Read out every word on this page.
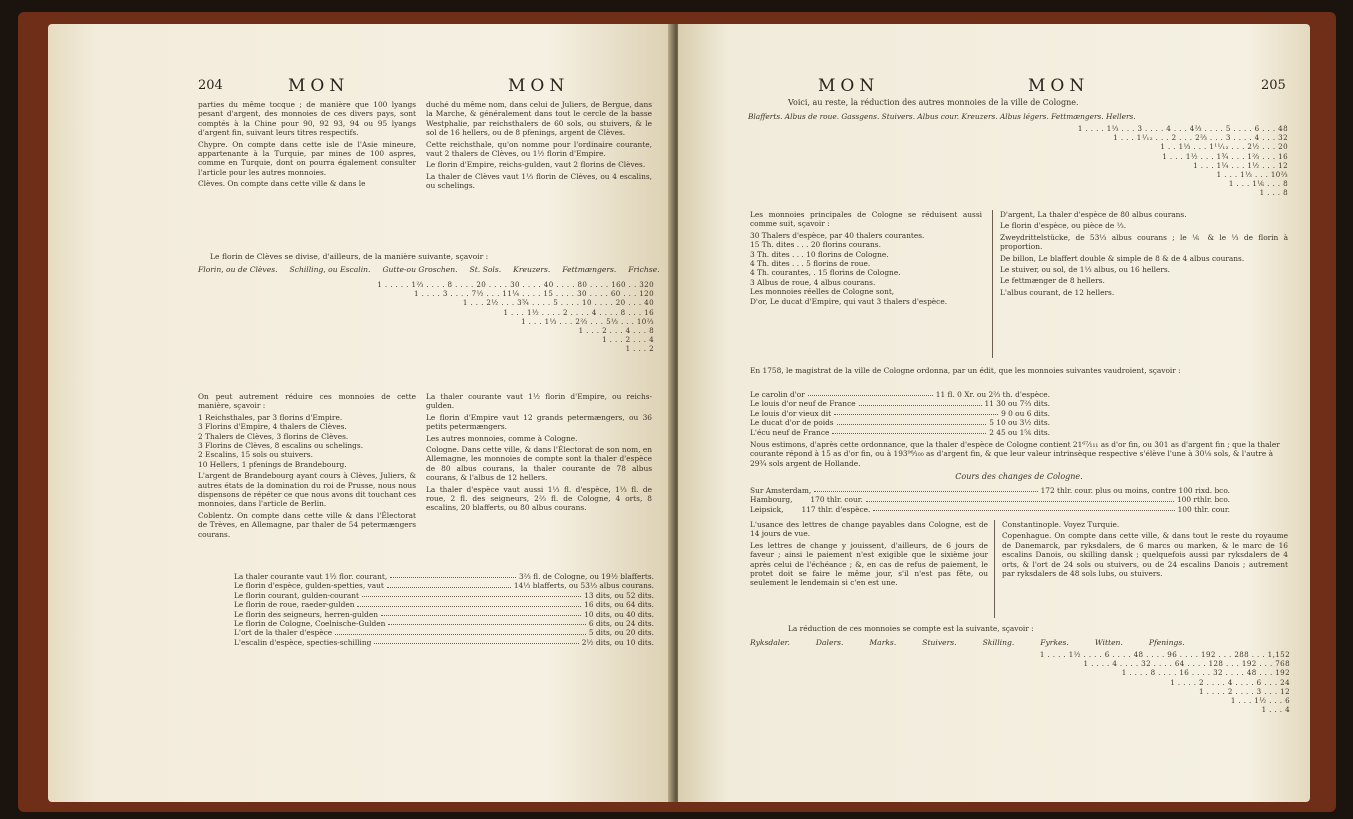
204	MON	MON

parties du même tocque ; de manière que 100 lyangs pesant d'argent, des monnoies de ces divers pays, sont comptés à la Chine pour 90, 92 93, 94 ou 95 lyangs d'argent fin, suivant leurs titres respectifs.

Chypre. On compte dans cette isle de l'Asie mineure, appartenante à la Turquie, par mines de 100 aspres, comme en Turquie, dont on pourra également consulter l'article pour les autres monnoies.

Clèves. On compte dans cette ville & dans le

duché du même nom, dans celui de Juliers, de Bergue, dans la Marche, & généralement dans tout le cercle de la basse Westphalie, par reichsthalers de 60 sols, ou stuivers, & le sol de 16 hellers, ou de 8 pfenings, argent de Clèves.

Cette reichsthale, qu'on nomme pour l'ordinaire courante, vaut 2 thalers de Clèves, ou 1½ florin d'Empire.

Le florin d'Empire, reichs-gulden, vaut 2 florins de Clèves.

La thaler de Clèves vaut 1⅓ florin de Clèves, ou 4 escalins, ou schelings.

Le florin de Clèves se divise, d'ailleurs, de la manière suivante, sçavoir :
Florin, ou de Clèves. Schilling, ou Escalin. Gutte-ou Groschen. St. Sols. Kreuzers. Fettmængers. Frichse.
1 . . . . . 1⅔ . . . . 8 . . . . 20 . . . . 30 . . . . 40 . . . . 80 . . . . 160 . . 320
1 . . . . 3 . . . . 7½ . . . 11¼ . . . . 15 . . . . 30 . . . . 60 . . . 120
1 . . . 2½ . . . 3¾ . . . . 5 . . . . 10 . . . . 20 . . . 40
1 . . . 1½ . . . . 2 . . . . 4 . . . . 8 . . . 16
1 . . . 1⅓ . . . 2⅔ . . . 5⅓ . . . 10⅔
1 . . . 2 . . . 4 . . . 8
1 . . . 2 . . . 4
1 . . . 2

On peut autrement réduire ces monnoies de cette manière, sçavoir :

1 Reichsthales, par 3 florins d'Empire.

3 Florins d'Empire, 4 thalers de Clèves.

2 Thalers de Clèves, 3 florins de Clèves.

3 Florins de Clèves, 8 escalins ou schelings.

2 Escalins, 15 sols ou stuivers.

10 Hellers, 1 pfenings de Brandebourg.

L'argent de Brandebourg ayant cours à Clèves, Juliers, & autres états de la domination du roi de Prusse, nous nous dispensons de répéter ce que nous avons dit touchant ces monnoies, dans l'article de Berlin.

Coblentz. On compte dans cette ville & dans l'Électorat de Trèves, en Allemagne, par thaler de 54 petermængers courans.

La thaler courante vaut 1½ florin d'Empire, ou reichs-gulden.

Le florin d'Empire vaut 12 grands petermængers, ou 36 petits petermængers.

Les autres monnoies, comme à Cologne.

Cologne. Dans cette ville, & dans l'Électorat de son nom, en Allemagne, les monnoies de compte sont la thaler d'espèce de 80 albus courans, la thaler courante de 78 albus courans, & l'albus de 12 hellers.

La thaler d'espèce vaut aussi 1⅓ fl. d'espèce, 1⅓ fl. de roue, 2 fl. des seigneurs, 2⅔ fl. de Cologne, 4 orts, 8 escalins, 20 blafferts, ou 80 albus courans.

La thaler courante vaut 1½ flor. courant,	3⅔ fl. de Cologne, ou 19½ blafferts.
Le florin d'espèce, gulden-spetties, vaut	14⅓ blafferts, ou 53⅓ albus courans.
Le florin courant, gulden-courant	13 dits, ou 52 dits.
Le florin de roue, raeder-gulden	16 dits, ou 64 dits.
Le florin des seigneurs, herren-gulden	10 dits, ou 40 dits.
Le florin de Cologne, Coelnische-Gulden	6 dits, ou 24 dits.
L'ort de la thaler d'espèce	5 dits, ou 20 dits.
L'escalin d'espèce, specties-schilling	2½ dits, ou 10 dits.
MON	MON	205
Voici, au reste, la réduction des autres monnoies de la ville de Cologne.
Blafferts. Albus de roue. Gassgens. Stuivers. Albus cour. Kreuzers. Albus légers. Fettmængers. Hellers.
1 . . . . 1⅓ . . . 3 . . . . 4 . . . 4⅔ . . . . 5 . . . . 6 . . . 48
1 . . . 1¹⁄₁₂ . . . 2 . . . 2⅔ . . . 3 . . . . 4 . . . 32
1 . . 1⅓ . . . 1¹¹⁄₁₂ . . . 2½ . . . 20
1 . . . 1½ . . . 1¾ . . . 1⅔ . . . 16
1 . . . 1¼ . . . 1½ . . . 12
1 . . . 1⅓ . . . 10⅔
1 . . . 1⅙ . . . 8
1 . . . 8

Les monnoies principales de Cologne se réduisent aussi comme suit, sçavoir :

30 Thalers d'espèce, par 40 thalers courantes.

15 Th. dites . . . 20 florins courans.

3 Th. dites . . . 10 florins de Cologne.

4 Th. dites . . . 5 florins de roue.

4 Th. courantes, . 15 florins de Cologne.

3 Albus de roue, 4 albus courans.

Les monnoies réelles de Cologne sont,

D'or, Le ducat d'Empire, qui vaut 3 thalers d'espèce.

D'argent, La thaler d'espèce de 80 albus courans.

Le florin d'espèce, ou pièce de ⅓.

Zweydrittelstücke, de 53⅓ albus courans ; le ⅙ & le ⅓ de florin à proportion.

De billon, Le blaffert double & simple de 8 & de 4 albus courans.

Le stuiver, ou sol, de 1⅓ albus, ou 16 hellers.

Le fettmænger de 8 hellers.

L'albus courant, de 12 hellers.

En 1758, le magistrat de la ville de Cologne ordonna, par un édit, que les monnoies suivantes vaudroient, sçavoir :
Le carolin d'or	11 fl. 0 Xr. ou 2⅔ th. d'espèce.
Le louis d'or neuf de France	11 30 ou 7⅔ dits.
Le louis d'or vieux dit	9 0 ou 6 dits.
Le ducat d'or de poids	5 10 ou 3½ dits.
L'écu neuf de France	2 45 ou 1⅚ dits.
Nous estimons, d'après cette ordonnance, que la thaler d'espèce de Cologne contient 21⁶⁷⁄₁₁₁ as d'or fin, ou 301 as d'argent fin ; que la thaler courante répond à 15 as d'or fin, ou à 193⁹⁶⁄₁₀₀ as d'argent fin, & que leur valeur intrinsèque respective s'élève l'une à 30⅛ sols, & l'autre à 29¾ sols argent de Hollande.
Cours des changes de Cologne.
Sur Amsterdam,	172 thlr. cour. plus ou moins, contre 100 rixd. bco.
Hambourg, 170 thlr. cour.	100 rthlr. bco.
Leipsick, 117 thlr. d'espèce.	100 thlr. cour.

L'usance des lettres de change payables dans Cologne, est de 14 jours de vue.

Les lettres de change y jouissent, d'ailleurs, de 6 jours de faveur ; ainsi le paiement n'est exigible que le sixième jour après celui de l'échéance ; &, en cas de refus de paiement, le protet doit se faire le même jour, s'il n'est pas fête, ou seulement le lendemain si c'en est une.

Constantinople. Voyez Turquie.

Copenhague. On compte dans cette ville, & dans tout le reste du royaume de Danemarck, par ryksdalers, de 6 marcs ou marken, & le marc de 16 escalins Danois, ou skilling dansk ; quelquefois aussi par ryksdalers de 4 orts, & l'ort de 24 sols ou stuivers, ou de 24 escalins Danois ; autrement par ryksdalers de 48 sols lubs, ou stuivers.

La réduction de ces monnoies se compte est la suivante, sçavoir :
Ryksdaler.	Dalers.	Marks.	Stuivers.	Skilling.	Fyrkes.	Witten.	Pfenings.
1 . . . . 1½ . . . . 6 . . . . 48 . . . . 96 . . . . 192 . . . 288 . . . 1,152
1 . . . . 4 . . . . 32 . . . . 64 . . . . 128 . . . 192 . . . 768
1 . . . . 8 . . . . 16 . . . . 32 . . . . 48 . . . 192
1 . . . . 2 . . . . 4 . . . . 6 . . . 24
1 . . . . 2 . . . . 3 . . . 12
1 . . . 1½ . . . 6
1 . . . 4
